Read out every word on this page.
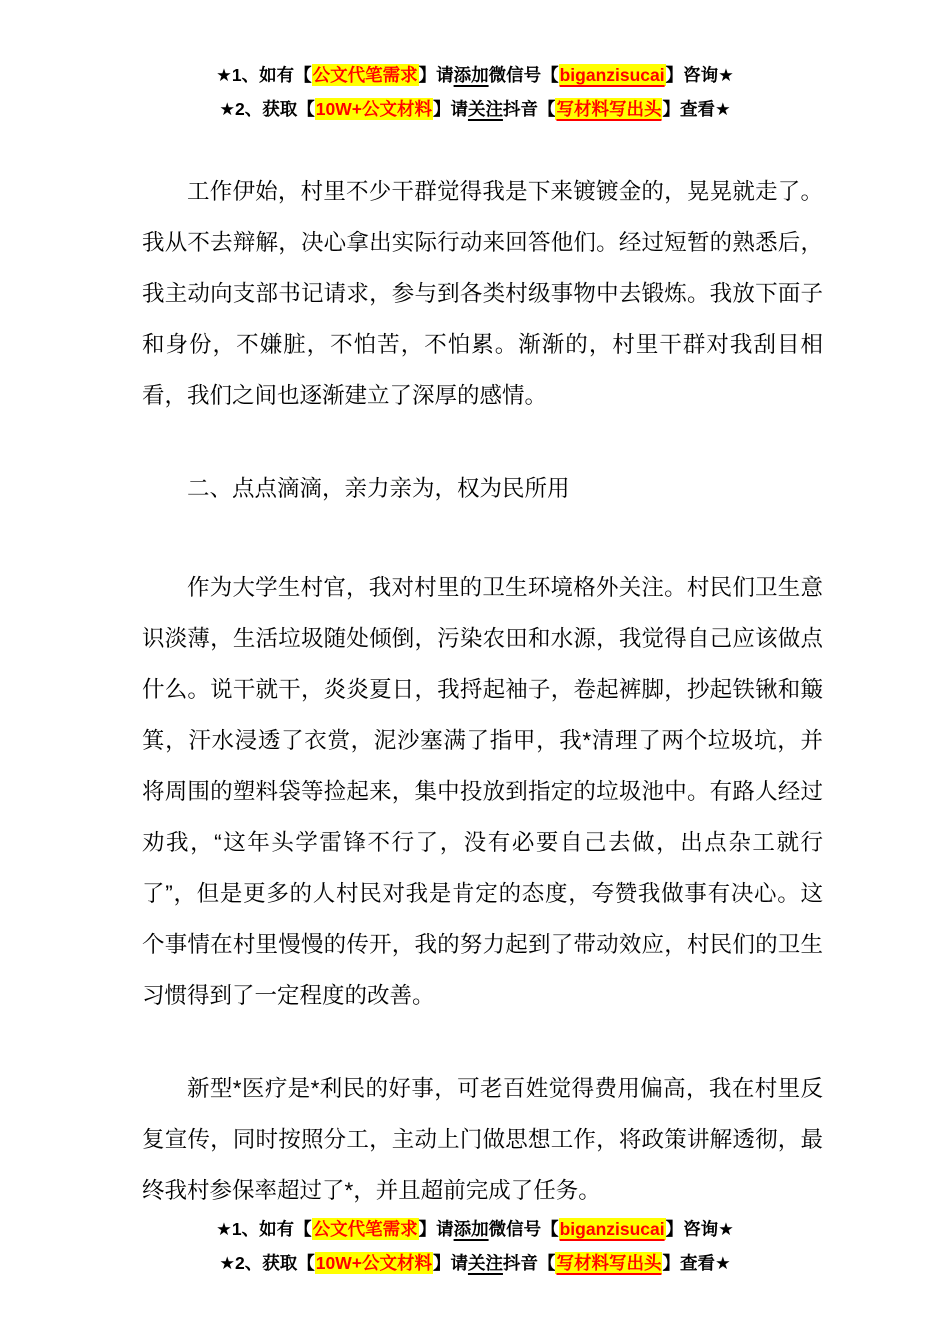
★1、如有【公文代笔需求】请添加微信号【biganzisucai】咨询★
★2、获取【10W+公文材料】请关注抖音【写材料写出头】查看★
工作伊始，村里不少干群觉得我是下来镀镀金的，晃晃就走了。我从不去辩解，决心拿出实际行动来回答他们。经过短暂的熟悉后，我主动向支部书记请求，参与到各类村级事物中去锻炼。我放下面子和身份，不嫌脏，不怕苦，不怕累。渐渐的，村里干群对我刮目相看，我们之间也逐渐建立了深厚的感情。
二、点点滴滴，亲力亲为，权为民所用
作为大学生村官，我对村里的卫生环境格外关注。村民们卫生意识淡薄，生活垃圾随处倾倒，污染农田和水源，我觉得自己应该做点什么。说干就干，炎炎夏日，我捋起袖子，卷起裤脚，抄起铁锹和簸箕，汗水浸透了衣赏，泥沙塞满了指甲，我*清理了两个垃圾坑，并将周围的塑料袋等捡起来，集中投放到指定的垃圾池中。有路人经过劝我，“这年头学雷锋不行了，没有必要自己去做，出点杂工就行了”，但是更多的人村民对我是肯定的态度，夸赞我做事有决心。这个事情在村里慢慢的传开，我的努力起到了带动效应，村民们的卫生习惯得到了一定程度的改善。
新型*医疗是*利民的好事，可老百姓觉得费用偏高，我在村里反复宣传，同时按照分工，主动上门做思想工作，将政策讲解透彻，最终我村参保率超过了*，并且超前完成了任务。
★1、如有【公文代笔需求】请添加微信号【biganzisucai】咨询★
★2、获取【10W+公文材料】请关注抖音【写材料写出头】查看★
